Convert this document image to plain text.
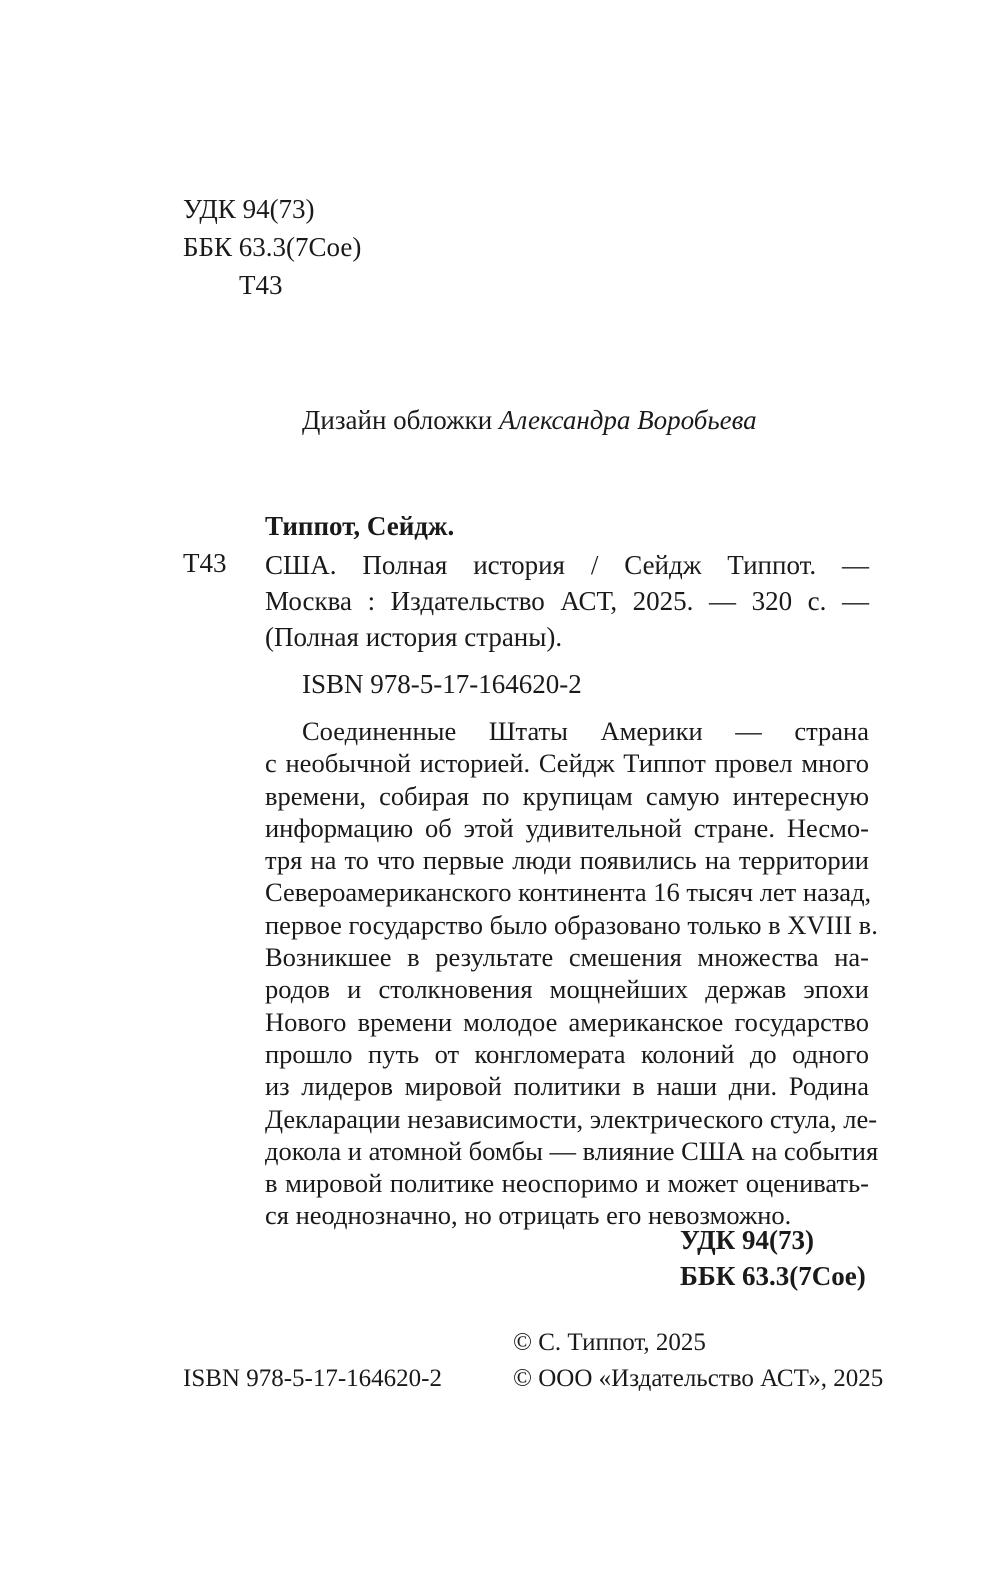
УДК 94(73)
ББК 63.3(7Сое)
Т43
Дизайн обложки Александра Воробьева
Типпот, Сейдж.
Т43 США. Полная история / Сейдж Типпот. —
Москва : Издательство АСТ, 2025. — 320 с. —
(Полная история страны).
ISBN 978-5-17-164620-2
Соединенные Штаты Америки — страна
с необычной историей. Сейдж Типпот провел много
времени, собирая по крупицам самую интересную
информацию об этой удивительной стране. Несмо-
тря на то что первые люди появились на территории
Североамериканского континента 16 тысяч лет назад,
первое государство было образовано только в XVIII в.
Возникшее в результате смешения множества на-
родов и столкновения мощнейших держав эпохи
Нового времени молодое американское государство
прошло путь от конгломерата колоний до одного
из лидеров мировой политики в наши дни. Родина
Декларации независимости, электрического стула, ле-
докола и атомной бомбы — влияние США на события
в мировой политике неоспоримо и может оценивать-
ся неоднозначно, но отрицать его невозможно.
УДК 94(73)
ББК 63.3(7Сое)
© С. Типпот, 2025
© ООО «Издательство АСТ», 2025
ISBN 978-5-17-164620-2
